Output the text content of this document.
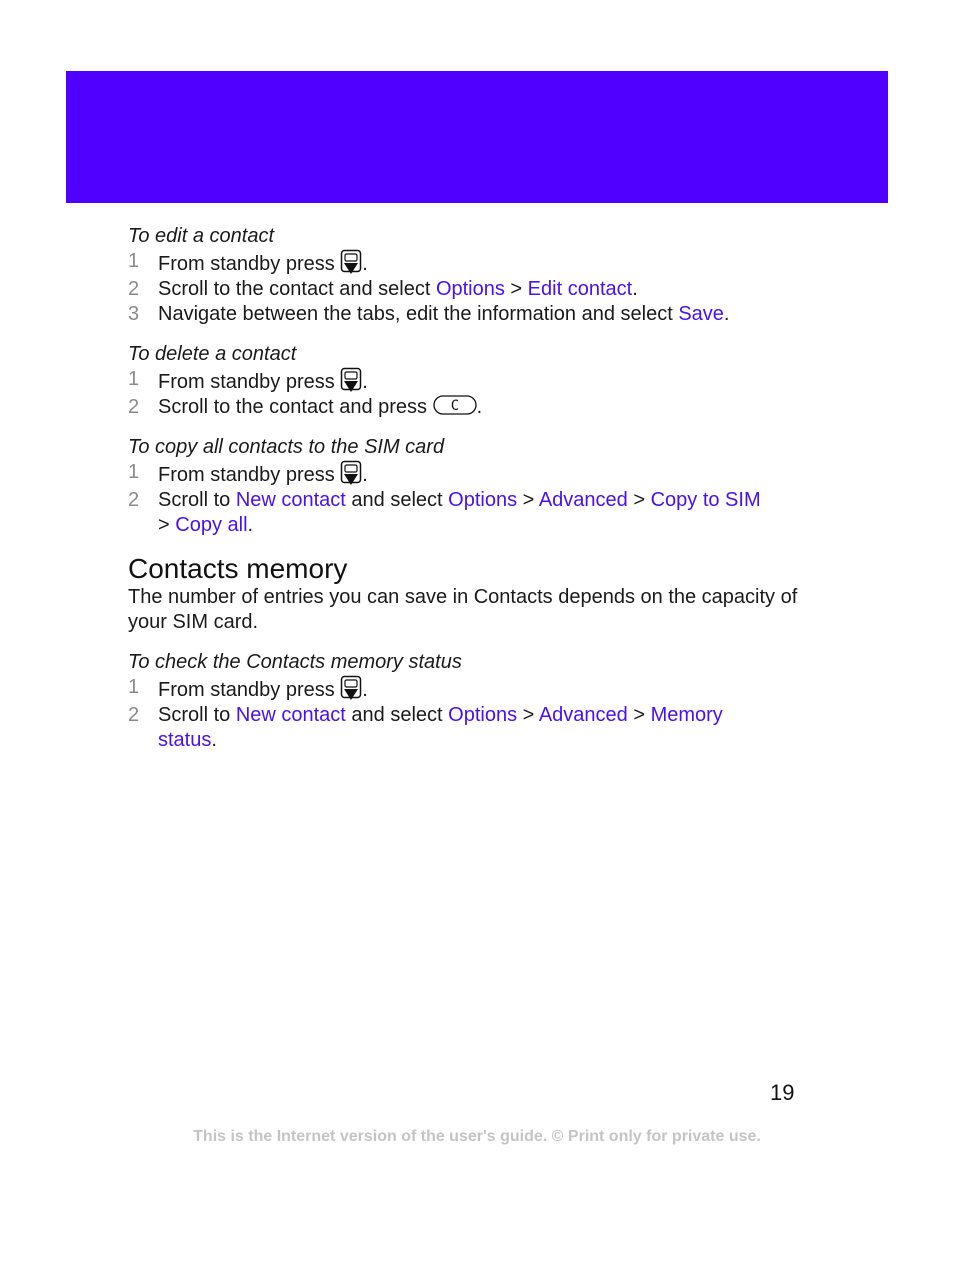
To edit a contact
1 From standby press .
2 Scroll to the contact and select Options > Edit contact.
3 Navigate between the tabs, edit the information and select Save.
To delete a contact
1 From standby press .
2 Scroll to the contact and press C .
To copy all contacts to the SIM card
1 From standby press .
2 Scroll to New contact and select Options > Advanced > Copy to SIM
> Copy all.
Contacts memory

The number of entries you can save in Contacts depends on the capacity of your SIM card.

To check the Contacts memory status
1 From standby press .
2 Scroll to New contact and select Options > Advanced > Memory
status.
19
This is the Internet version of the user's guide. © Print only for private use.
